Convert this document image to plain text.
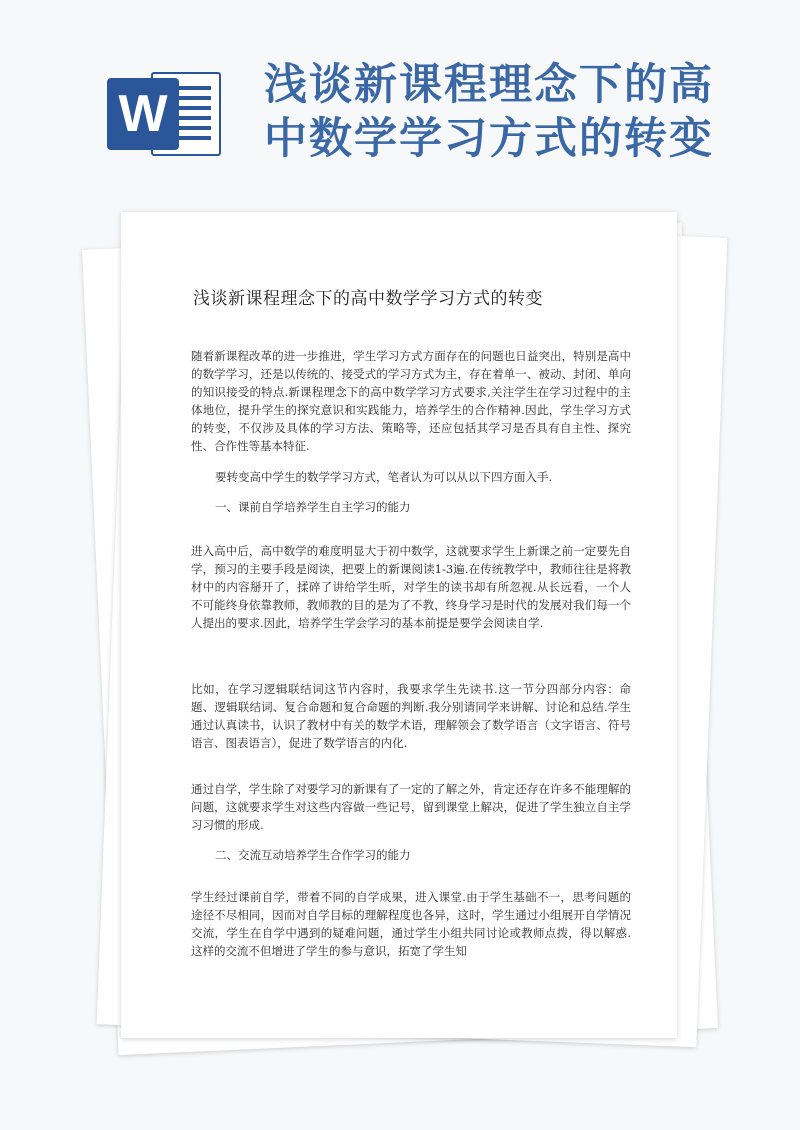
W 浅谈新课程理念下的高中数学学习方式的转变
浅谈新课程理念下的高中数学学习方式的转变

随着新课程改革的进一步推进，学生学习方式方面存在的问题也日益突出，特别是高中的数学学习，还是以传统的、接受式的学习方式为主，存在着单一、被动、封闭、单向的知识接受的特点.新课程理念下的高中数学学习方式要求,关注学生在学习过程中的主体地位，提升学生的探究意识和实践能力，培养学生的合作精神.因此，学生学习方式的转变，不仅涉及具体的学习方法、策略等，还应包括其学习是否具有自主性、探究性、合作性等基本特征.

要转变高中学生的数学学习方式，笔者认为可以从以下四方面入手.

一、课前自学培养学生自主学习的能力

进入高中后，高中数学的难度明显大于初中数学，这就要求学生上新课之前一定要先自学，预习的主要手段是阅读，把要上的新课阅读1-3遍.在传统教学中，教师往往是将教材中的内容掰开了，揉碎了讲给学生听，对学生的读书却有所忽视.从长远看，一个人不可能终身依靠教师，教师教的目的是为了不教，终身学习是时代的发展对我们每一个人提出的要求.因此，培养学生学会学习的基本前提是要学会阅读自学.

比如，在学习逻辑联结词这节内容时，我要求学生先读书.这一节分四部分内容：命题、逻辑联结词、复合命题和复合命题的判断.我分别请同学来讲解、讨论和总结.学生通过认真读书，认识了教材中有关的数学术语，理解领会了数学语言（文字语言、符号语言、图表语言），促进了数学语言的内化.

通过自学，学生除了对要学习的新课有了一定的了解之外，肯定还存在许多不能理解的问题，这就要求学生对这些内容做一些记号，留到课堂上解决，促进了学生独立自主学习习惯的形成.

二、交流互动培养学生合作学习的能力

学生经过课前自学，带着不同的自学成果，进入课堂.由于学生基础不一，思考问题的途径不尽相同，因而对自学目标的理解程度也各异，这时，学生通过小组展开自学情况交流，学生在自学中遇到的疑难问题，通过学生小组共同讨论或教师点拨，得以解惑.这样的交流不但增进了学生的参与意识，拓宽了学生知
